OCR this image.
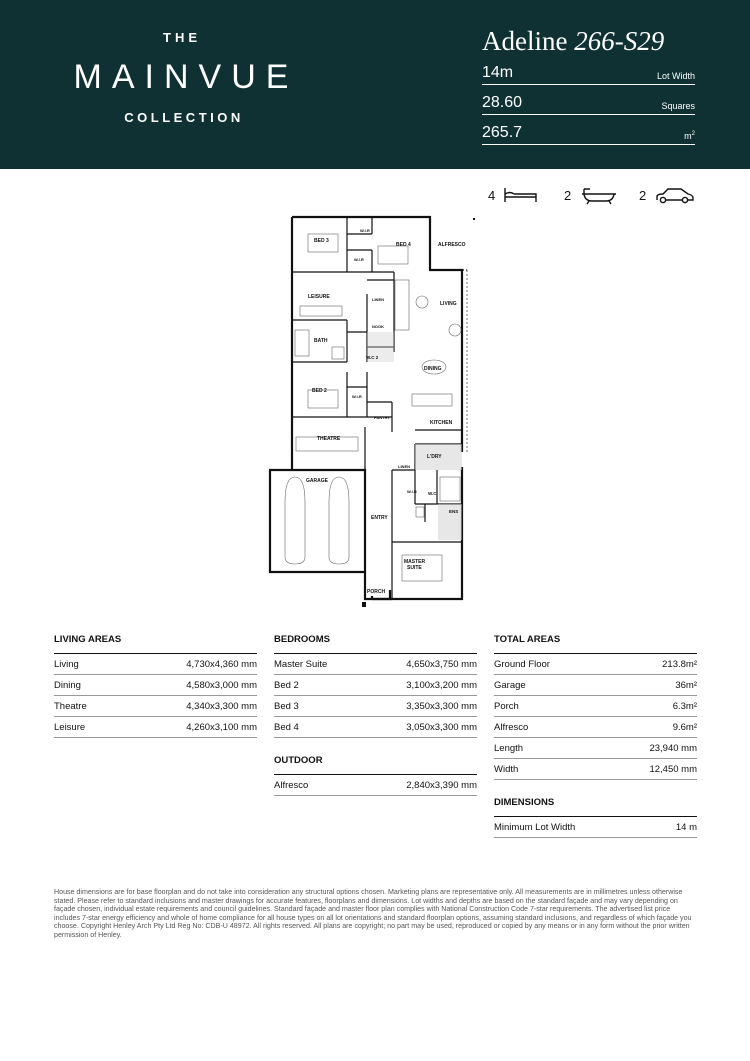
THE
MAINVUE
COLLECTION
Adeline 266-S29
14m	Lot Width
28.60	Squares
265.7	$m^2$
4	2	2
BED 3
W.I.R
BED 4
W.I.R
ALFRESCO
LEISURE	LINEN
NOOK
LIVING
BATH
W.C 2
DINING
BED 2
W.I.R
PANTRY
KITCHEN
THEATRE
L'DRY
GARAGE
LINEN
W.I.R W.C
ENS
ENTRY
MASTER
SUITE
PORCH
LIVING AREAS
Living	4,730x4,360 mm
Dining	4,580x3,000 mm
Theatre	4,340x3,300 mm
Leisure	4,260x3,100 mm
BEDROOMS
Master Suite	4,650x3,750 mm
Bed 2	3,100x3,200 mm
Bed 3	3,350x3,300 mm
Bed 4	3,050x3,300 mm
OUTDOOR
Alfresco	2,840x3,390 mm
TOTAL AREAS
Ground Floor	213.8m²
Garage	36m²
Porch	6.3m²
Alfresco	9.6m²
Length	23,940 mm
Width	12,450 mm
DIMENSIONS
Minimum Lot Width	14 m
House dimensions are for base floorplan and do not take into consideration any structural options chosen. Marketing plans are representative only. All measurements are in millimetres unless otherwise stated. Please refer to standard inclusions and master drawings for accurate features, floorplans and dimensions. Lot widths and depths are based on the standard façade and may vary depending on façade chosen, individual estate requirements and council guidelines. Standard façade and master floor plan complies with National Construction Code 7-star requirements. The advertised list price includes 7-star energy efficiency and whole of home compliance for all house types on all lot orientations and standard floorplan options, assuming standard inclusions, and regardless of which façade you choose. Copyright Henley Arch Pty Ltd Reg No: CDB-U 48972. All rights reserved. All plans are copyright; no part may be used, reproduced or copied by any means or in any form without the prior written permission of Henley.
